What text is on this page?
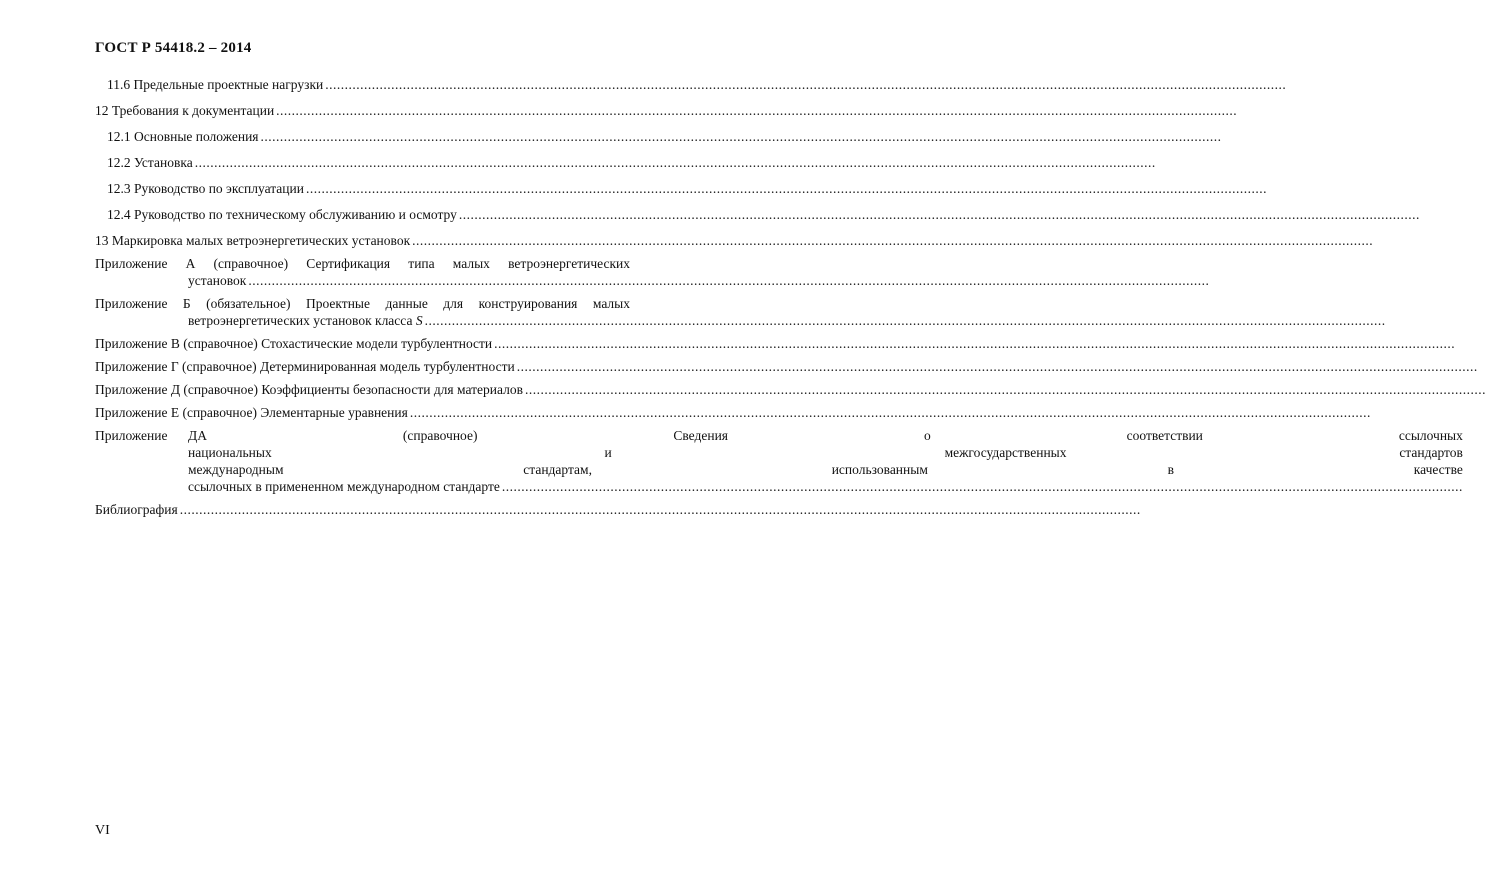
ГОСТ Р 54418.2 – 2014
11.6 Предельные проектные нагрузки
.....
12 Требования к документации
.....
12.1 Основные положения
.....
12.2 Установка
.....
12.3 Руководство по эксплуатации
.....
12.4 Руководство по техническому обслуживанию и осмотру
.....
13 Маркировка малых ветроэнергетических установок
.....
Приложение А (справочное) Сертификация типа малых ветроэнергетических
установок
.....
Приложение Б (обязательное) Проектные данные для конструирования малых
ветроэнергетических установок класса
S
.....
Приложение В (справочное) Стохастические модели турбулентности
.....
Приложение Г (справочное) Детерминированная модель турбулентности
.....
Приложение Д (справочное) Коэффициенты безопасности для материалов
.....
Приложение Е (справочное) Элементарные уравнения
.....
Приложение	ДА (справочное) Сведения о соответствии ссылочных
национальных и межгосударственных стандартов
международным стандартам, использованным в качестве
ссылочных в примененном международном стандарте
.....
Библиография
.....
VI
